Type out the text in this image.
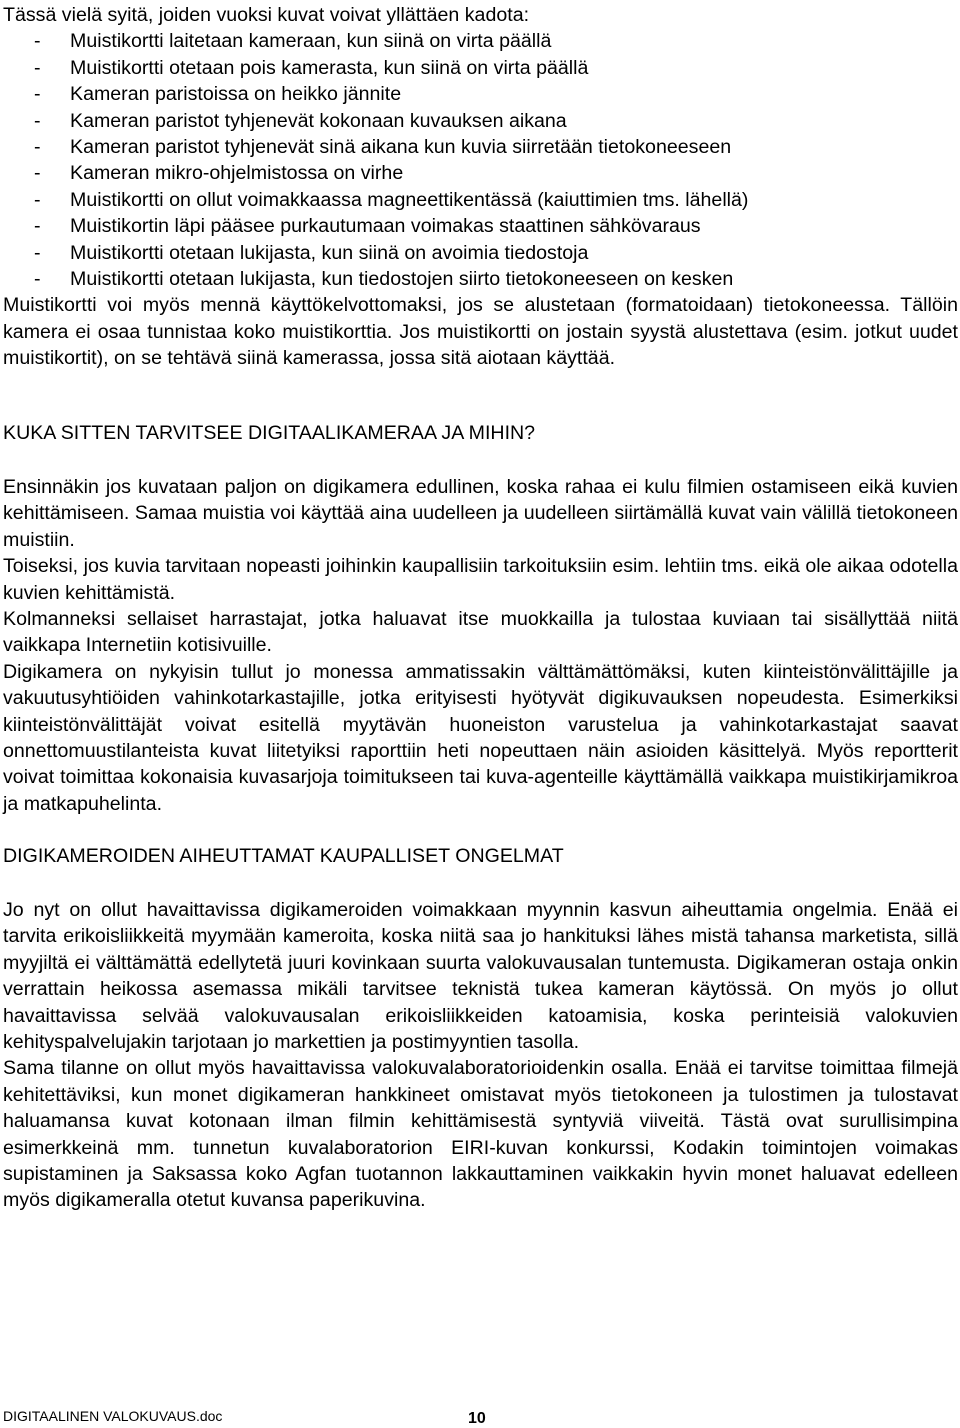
Tässä vielä syitä, joiden vuoksi kuvat voivat yllättäen kadota:
- Muistikortti laitetaan kameraan, kun siinä on virta päällä
- Muistikortti otetaan pois kamerasta, kun siinä on virta päällä
- Kameran paristoissa on heikko jännite
- Kameran paristot tyhjenevät kokonaan kuvauksen aikana
- Kameran paristot tyhjenevät sinä aikana kun kuvia siirretään tietokoneeseen
- Kameran mikro-ohjelmistossa on virhe
- Muistikortti on ollut voimakkaassa magneettikentässä (kaiuttimien tms. lähellä)
- Muistikortin läpi pääsee purkautumaan voimakas staattinen sähkövaraus
- Muistikortti otetaan lukijasta, kun siinä on avoimia tiedostoja
- Muistikortti otetaan lukijasta, kun tiedostojen siirto tietokoneeseen on kesken

Muistikortti voi myös mennä käyttökelvottomaksi, jos se alustetaan (formatoidaan) tietokoneessa. Tällöin kamera ei osaa tunnistaa koko muistikorttia. Jos muistikortti on jostain syystä alustettava (esim. jotkut uudet muistikortit), on se tehtävä siinä kamerassa, jossa sitä aiotaan käyttää.

KUKA SITTEN TARVITSEE DIGITAALIKAMERAA JA MIHIN?

Ensinnäkin jos kuvataan paljon on digikamera edullinen, koska rahaa ei kulu filmien ostamiseen eikä kuvien kehittämiseen. Samaa muistia voi käyttää aina uudelleen ja uudelleen siirtämällä kuvat vain välillä tietokoneen muistiin.

Toiseksi, jos kuvia tarvitaan nopeasti joihinkin kaupallisiin tarkoituksiin esim. lehtiin tms. eikä ole aikaa odotella kuvien kehittämistä.

Kolmanneksi sellaiset harrastajat, jotka haluavat itse muokkailla ja tulostaa kuviaan tai sisällyttää niitä vaikkapa Internetiin kotisivuille.

Digikamera on nykyisin tullut jo monessa ammatissakin välttämättömäksi, kuten kiinteistönvälittäjille ja vakuutusyhtiöiden vahinkotarkastajille, jotka erityisesti hyötyvät digikuvauksen nopeudesta. Esimerkiksi kiinteistönvälittäjät voivat esitellä myytävän huoneiston varustelua ja vahinkotarkastajat saavat onnettomuustilanteista kuvat liitetyiksi raporttiin heti nopeuttaen näin asioiden käsittelyä. Myös reportterit voivat toimittaa kokonaisia kuvasarjoja toimitukseen tai kuva-agenteille käyttämällä vaikkapa muistikirjamikroa ja matkapuhelinta.

DIGIKAMEROIDEN AIHEUTTAMAT KAUPALLISET ONGELMAT

Jo nyt on ollut havaittavissa digikameroiden voimakkaan myynnin kasvun aiheuttamia ongelmia. Enää ei tarvita erikoisliikkeitä myymään kameroita, koska niitä saa jo hankituksi lähes mistä tahansa marketista, sillä myyjiltä ei välttämättä edellytetä juuri kovinkaan suurta valokuvausalan tuntemusta. Digikameran ostaja onkin verrattain heikossa asemassa mikäli tarvitsee teknistä tukea kameran käytössä. On myös jo ollut havaittavissa selvää valokuvausalan erikoisliikkeiden katoamisia, koska perinteisiä valokuvien kehityspalvelujakin tarjotaan jo markettien ja postimyyntien tasolla.

Sama tilanne on ollut myös havaittavissa valokuvalaboratorioidenkin osalla. Enää ei tarvitse toimittaa filmejä kehitettäviksi, kun monet digikameran hankkineet omistavat myös tietokoneen ja tulostimen ja tulostavat haluamansa kuvat kotonaan ilman filmin kehittämisestä syntyviä viiveitä. Tästä ovat surullisimpina esimerkkeinä mm. tunnetun kuvalaboratorion EIRI-kuvan konkurssi, Kodakin toimintojen voimakas supistaminen ja Saksassa koko Agfan tuotannon lakkauttaminen vaikkakin hyvin monet haluavat edelleen myös digikameralla otetut kuvansa paperikuvina.

DIGITAALINEN VALOKUVAUS.doc	10
